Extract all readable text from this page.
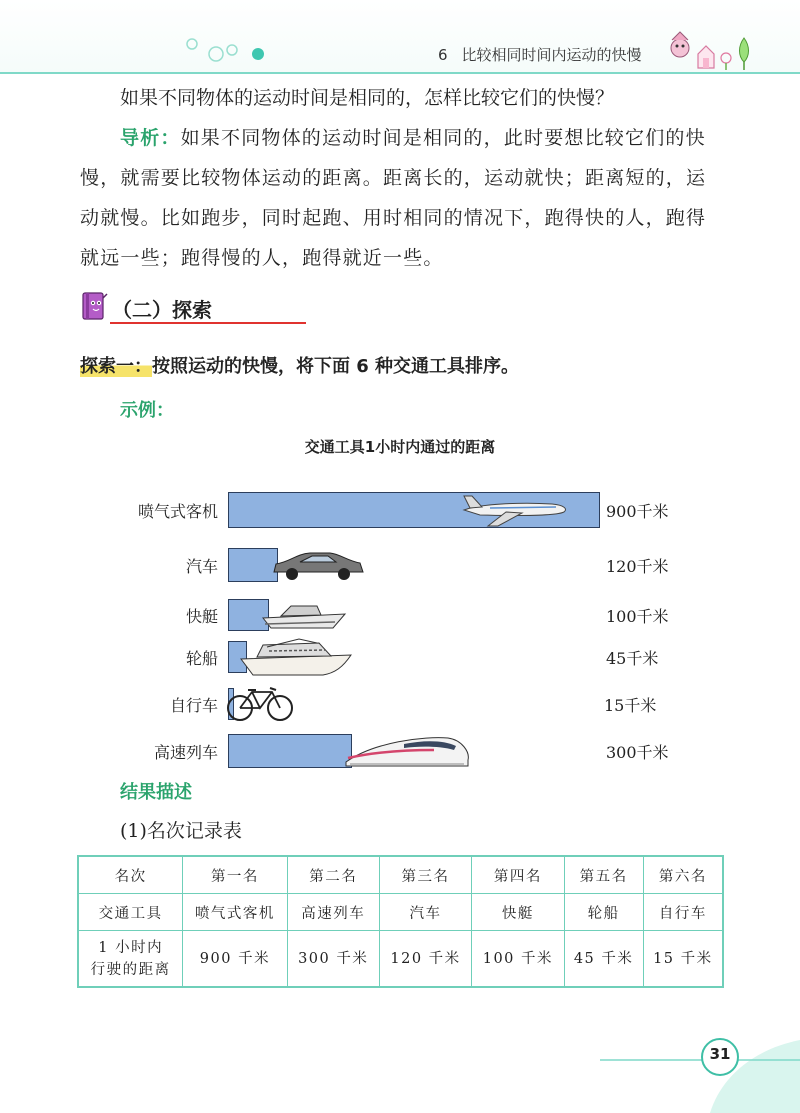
6 比较相同时间内运动的快慢
如果不同物体的运动时间是相同的，怎样比较它们的快慢？
导析：如果不同物体的运动时间是相同的，此时要想比较它们的快慢，就需要比较物体运动的距离。距离长的，运动就快；距离短的，运动就慢。比如跑步，同时起跑、用时相同的情况下，跑得快的人，跑得就远一些；跑得慢的人，跑得就近一些。
（二）探索
探索一：按照运动的快慢，将下面 6 种交通工具排序。
示例：
交通工具1小时内通过的距离
喷气式客机	900千米
汽车	120千米
快艇	100千米
轮船	45千米
自行车	15千米
高速列车	300千米
结果描述
(1)名次记录表
名次	第一名	第二名	第三名	第四名	第五名	第六名
交通工具	喷气式客机	高速列车	汽车	快艇	轮船	自行车
1 小时内
行驶的距离	900 千米	300 千米	120 千米	100 千米	45 千米	15 千米
31
